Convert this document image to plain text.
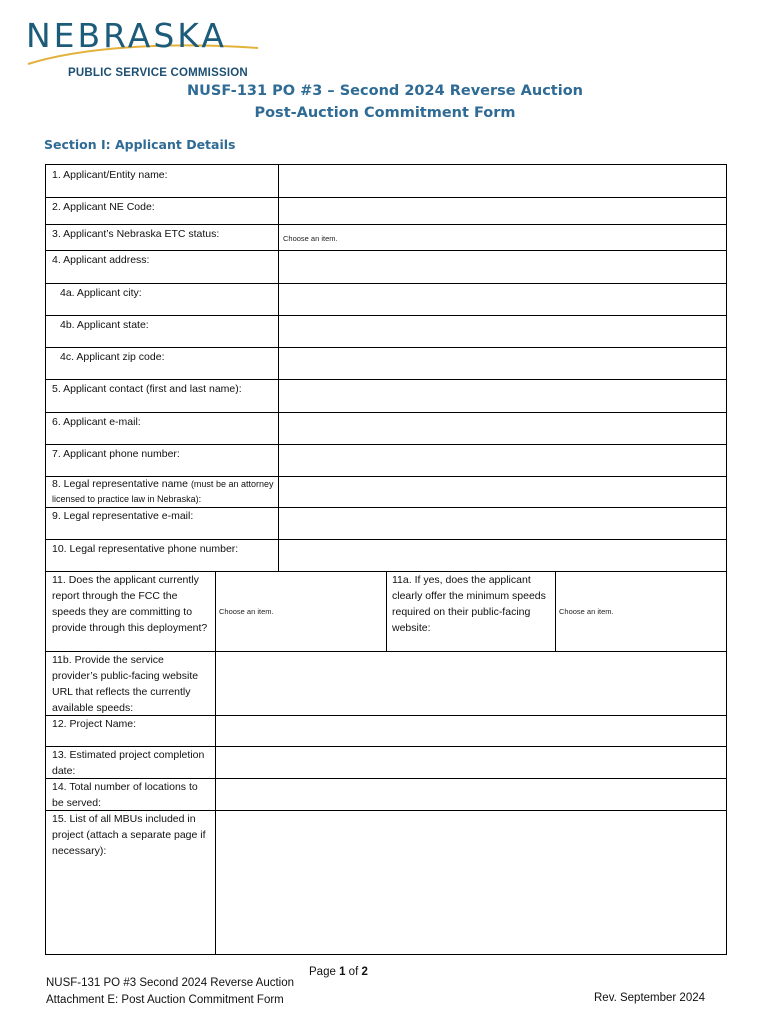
NEBRASKA
PUBLIC SERVICE COMMISSION
NUSF-131 PO #3 – Second 2024 Reverse Auction
Post-Auction Commitment Form
Section I: Applicant Details
1. Applicant/Entity name:
2. Applicant NE Code:
3. Applicant’s Nebraska ETC status:	Choose an item.
4. Applicant address:
4a. Applicant city:
4b. Applicant state:
4c. Applicant zip code:
5. Applicant contact (first and last name):
6. Applicant e-mail:
7. Applicant phone number:
8. Legal representative name (must be an attorney licensed to practice law in Nebraska):
9. Legal representative e-mail:
10. Legal representative phone number:
11. Does the applicant currently report through the FCC the speeds they are committing to provide through this deployment?
Choose an item.
11a. If yes, does the applicant clearly offer the minimum speeds required on their public-facing website:
Choose an item.
11b. Provide the service provider’s public-facing website URL that reflects the currently available speeds:
12. Project Name:
13. Estimated project completion date:
14. Total number of locations to be served:
15. List of all MBUs included in project (attach a separate page if necessary):
Page 1 of 2
NUSF-131 PO #3 Second 2024 Reverse Auction
Attachment E: Post Auction Commitment Form	Rev. September 2024
